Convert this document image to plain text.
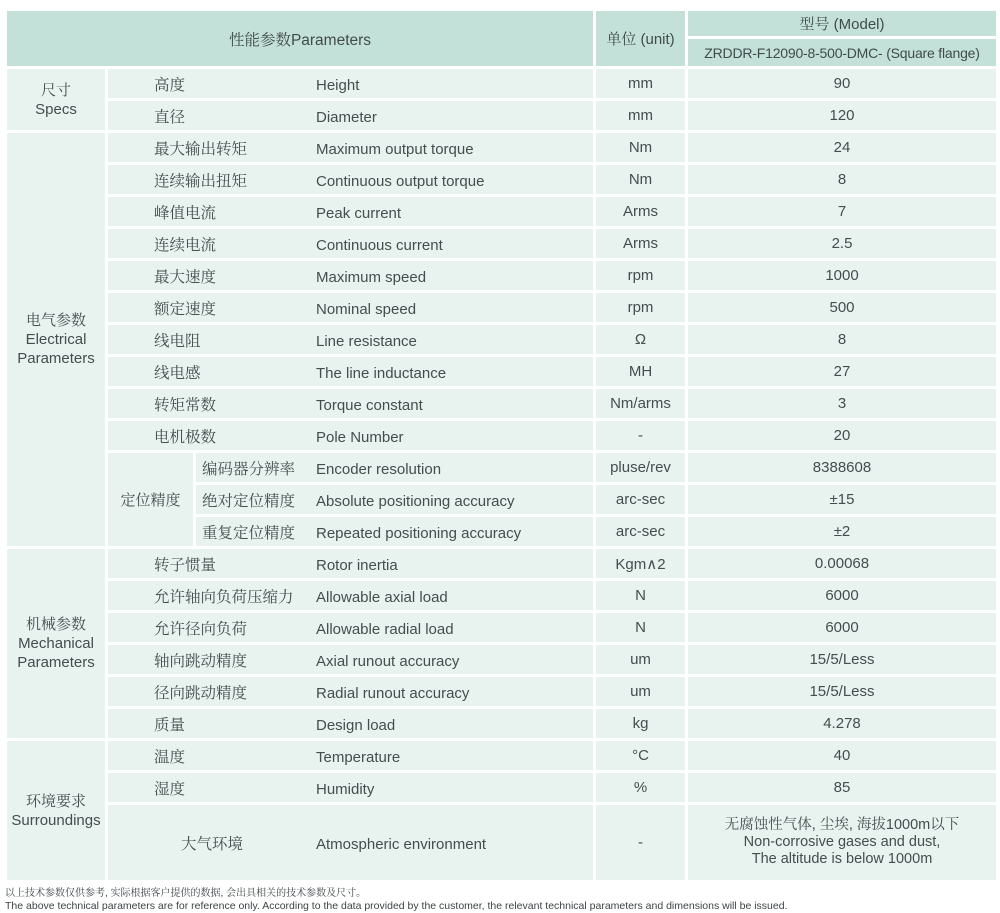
性能参数Parameters			单位 (unit)	型号 (Model)
				ZRDDR-F12090-8-500-DMC- (Square flange)

尺寸
Specs	高度 Height		mm	90
	直径 Diameter		mm	120

电气参数
Electrical
Parameters	最大输出转矩 Maximum output torque		Nm	24
	连续输出扭矩 Continuous output torque		Nm	8
	峰值电流 Peak current		Arms	7
	连续电流 Continuous current		Arms	2.5
	最大速度 Maximum speed		rpm	1000
	额定速度 Nominal speed		rpm	500
	线电阻 Line resistance		Ω	8
	线电感 The line inductance		MH	27
	转矩常数 Torque constant		Nm/arms	3
	电机极数 Pole Number		-	20
	定位精度	编码器分辨率 Encoder resolution	pluse/rev	8388608
		绝对定位精度 Absolute positioning accuracy	arc-sec	±15
		重复定位精度 Repeated positioning accuracy	arc-sec	±2

机械参数
Mechanical
Parameters	转子惯量 Rotor inertia		Kgm∧2	0.00068
	允许轴向负荷压缩力 Allowable axial load		N	6000
	允许径向负荷 Allowable radial load		N	6000
	轴向跳动精度 Axial runout accuracy		um	15/5/Less
	径向跳动精度 Radial runout accuracy		um	15/5/Less
	质量 Design load		kg	4.278

环境要求
Surroundings	温度 Temperature		°C	40
	湿度 Humidity		%	85
	大气环境 Atmospheric environment		-	无腐蚀性气体, 尘埃, 海拔1000m以下
Non-corrosive gases and dust,
The altitude is below 1000m
以上技术参数仅供参考, 实际根据客户提供的数据, 会出具相关的技术参数及尺寸。
The above technical parameters are for reference only. According to the data provided by the customer, the relevant technical parameters and dimensions will be issued.
